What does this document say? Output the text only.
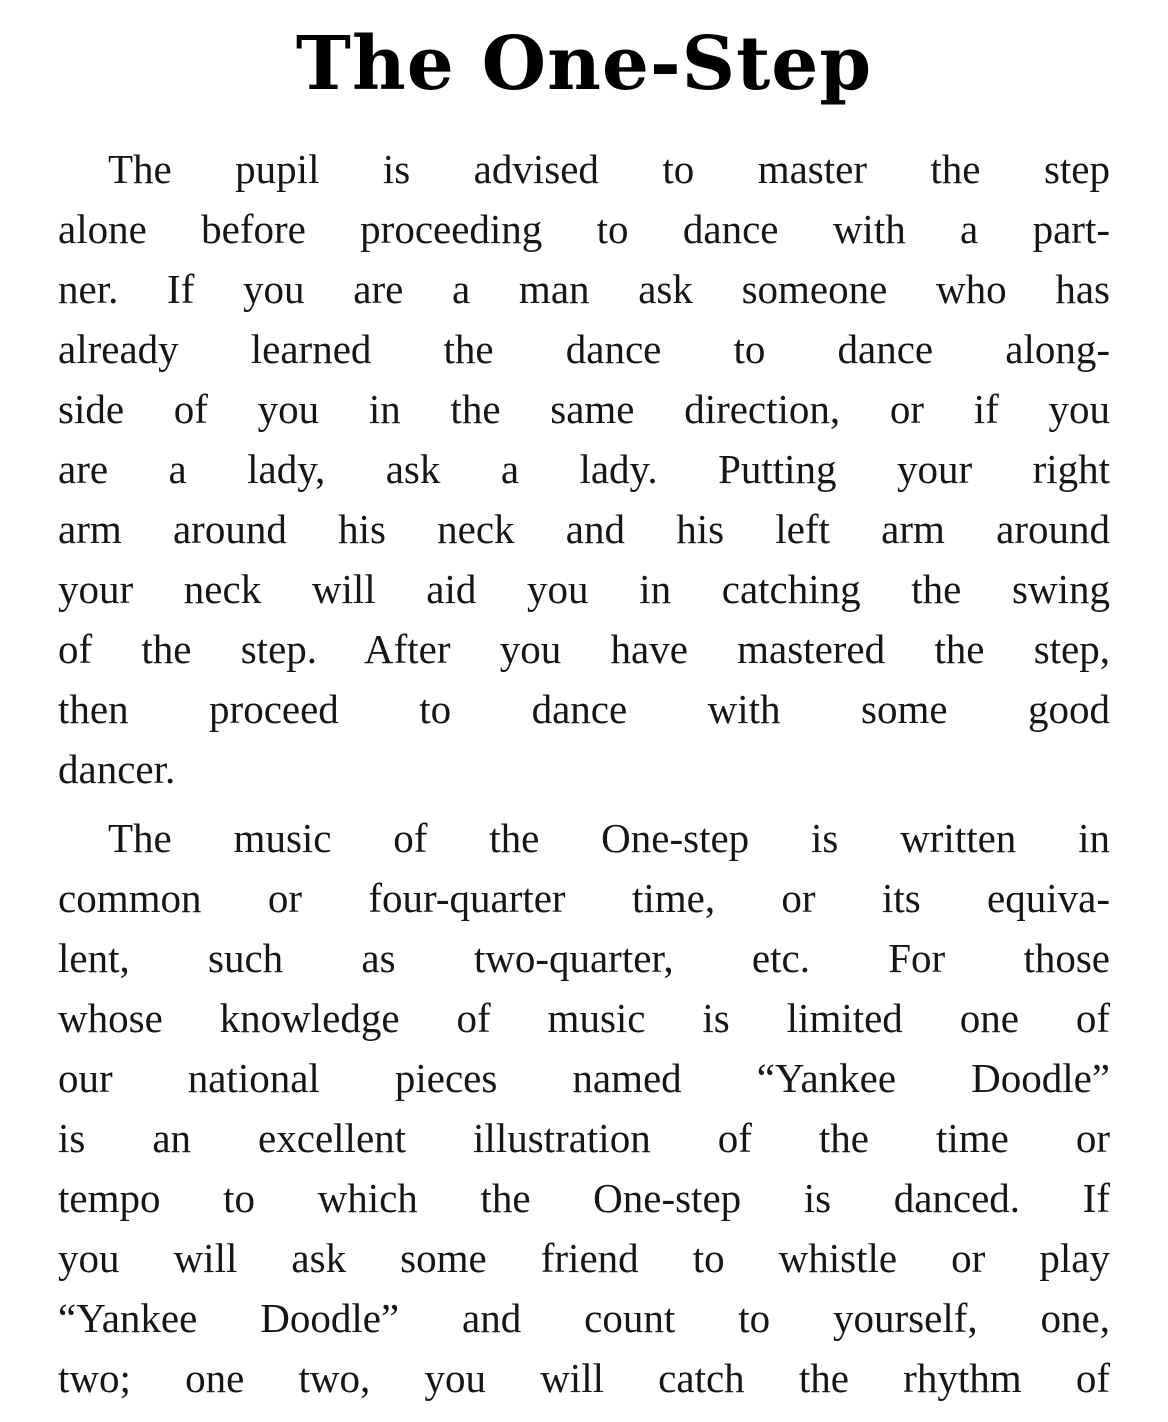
The One-Step
The pupil is advised to master the step
alone before proceeding to dance with a part-
ner. If you are a man ask someone who has
already learned the dance to dance along-
side of you in the same direction, or if you
are a lady, ask a lady. Putting your right
arm around his neck and his left arm around
your neck will aid you in catching the swing
of the step. After you have mastered the step,
then proceed to dance with some good
dancer.
The music of the One-step is written in
common or four-quarter time, or its equiva-
lent, such as two-quarter, etc. For those
whose knowledge of music is limited one of
our national pieces named “Yankee Doodle”
is an excellent illustration of the time or
tempo to which the One-step is danced. If
you will ask some friend to whistle or play
“Yankee Doodle” and count to yourself, one,
two; one two, you will catch the rhythm of
